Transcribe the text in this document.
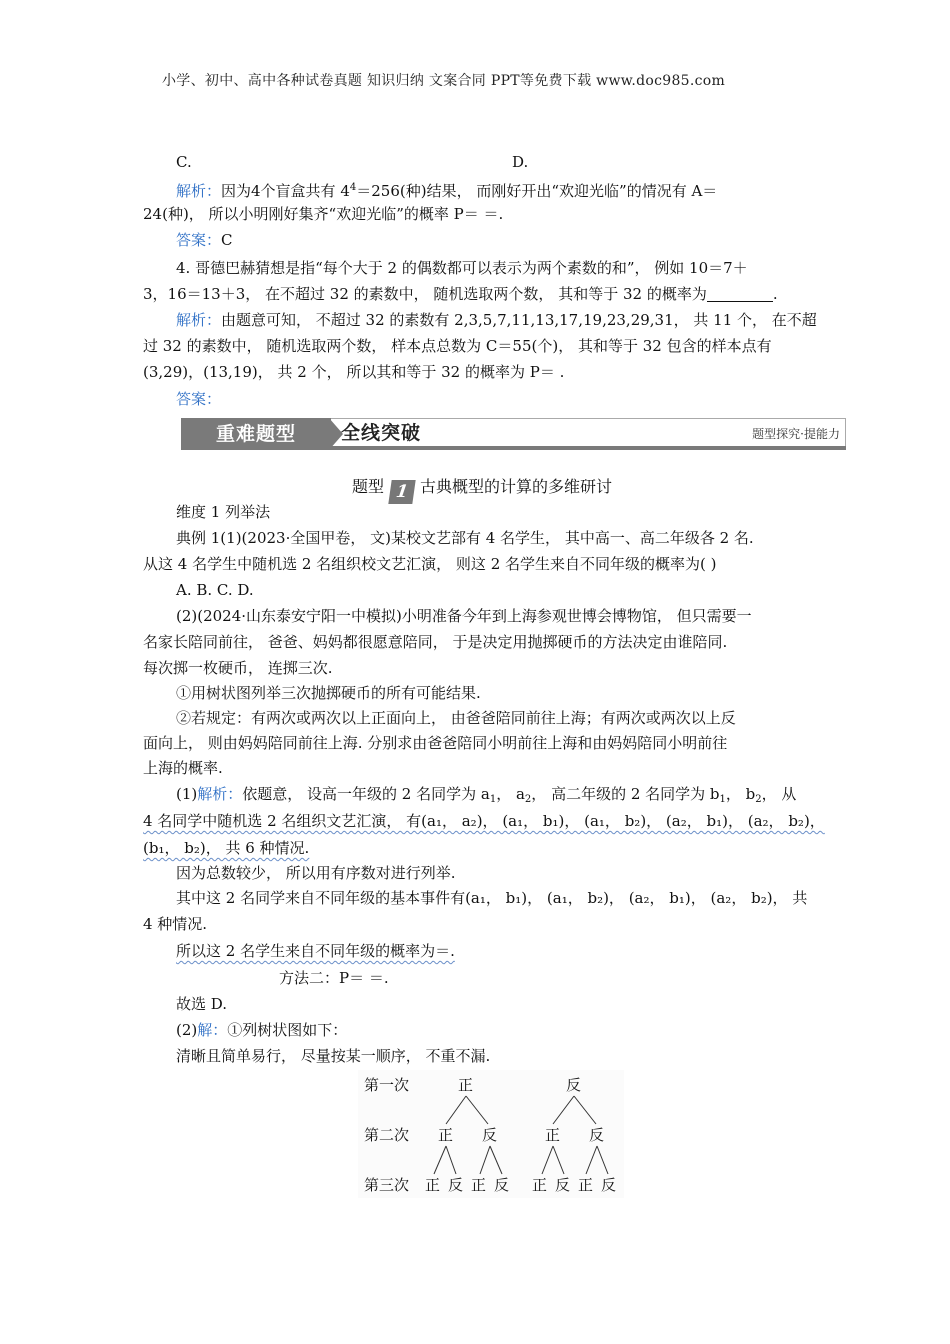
小学、初中、高中各种试卷真题 知识归纳 文案合同 PPT等免费下载 www.doc985.com
C.	D.
解析：因为4个盲盒共有 $4^4=256$(种)结果， 而刚好开出“欢迎光临”的情况有 A＝
24(种)， 所以小明刚好集齐“欢迎光临”的概率 P＝ ＝.
答案：C
4. 哥德巴赫猜想是指“每个大于 2 的偶数都可以表示为两个素数的和”， 例如 10＝7＋
3，16＝13＋3， 在不超过 32 的素数中， 随机选取两个数， 其和等于 32 的概率为	.
解析：由题意可知， 不超过 32 的素数有 2,3,5,7,11,13,17,19,23,29,31， 共 11 个， 在不超
过 32 的素数中， 随机选取两个数， 样本点总数为 C＝55(个)， 其和等于 32 包含的样本点有
(3,29)，(13,19)， 共 2 个， 所以其和等于 32 的概率为 P＝ .
答案：
重难题型	全线突破	题型探究·提能力
题型 1 古典概型的计算的多维研讨
维度 1 列举法
典例 1(1)(2023·全国甲卷， 文)某校文艺部有 4 名学生， 其中高一、高二年级各 2 名.
从这 4 名学生中随机选 2 名组织校文艺汇演， 则这 2 名学生来自不同年级的概率为( )
A. B. C. D.
(2)(2024·山东泰安宁阳一中模拟)小明准备今年到上海参观世博会博物馆， 但只需要一
名家长陪同前往， 爸爸、妈妈都很愿意陪同， 于是决定用抛掷硬币的方法决定由谁陪同.
每次掷一枚硬币， 连掷三次.
①用树状图列举三次抛掷硬币的所有可能结果.
②若规定：有两次或两次以上正面向上， 由爸爸陪同前往上海；有两次或两次以上反
面向上， 则由妈妈陪同前往上海. 分别求由爸爸陪同小明前往上海和由妈妈陪同小明前往
上海的概率.
(1)解析：依题意， 设高一年级的 2 名同学为 $a_1$， $a_2$， 高二年级的 2 名同学为 $b_1$， $b_2$， 从
4 名同学中随机选 2 名组织文艺汇演， 有(a₁， a₂)， (a₁， b₁)， (a₁， b₂)， (a₂， b₁)， (a₂， b₂)，
(b₁， b₂)， 共 6 种情况.
因为总数较少， 所以用有序数对进行列举.
其中这 2 名同学来自不同年级的基本事件有(a₁， b₁)， (a₁， b₂)， (a₂， b₁)， (a₂， b₂)， 共
4 种情况.
所以这 2 名学生来自不同年级的概率为＝.
方法二：P＝ ＝.
故选 D.
(2)解：①列树状图如下：
清晰且简单易行， 尽量按某一顺序， 不重不漏.
第一次
第二次
第三次
正	反
正 反	正 反
正 反 正 反 正 反 正 反
